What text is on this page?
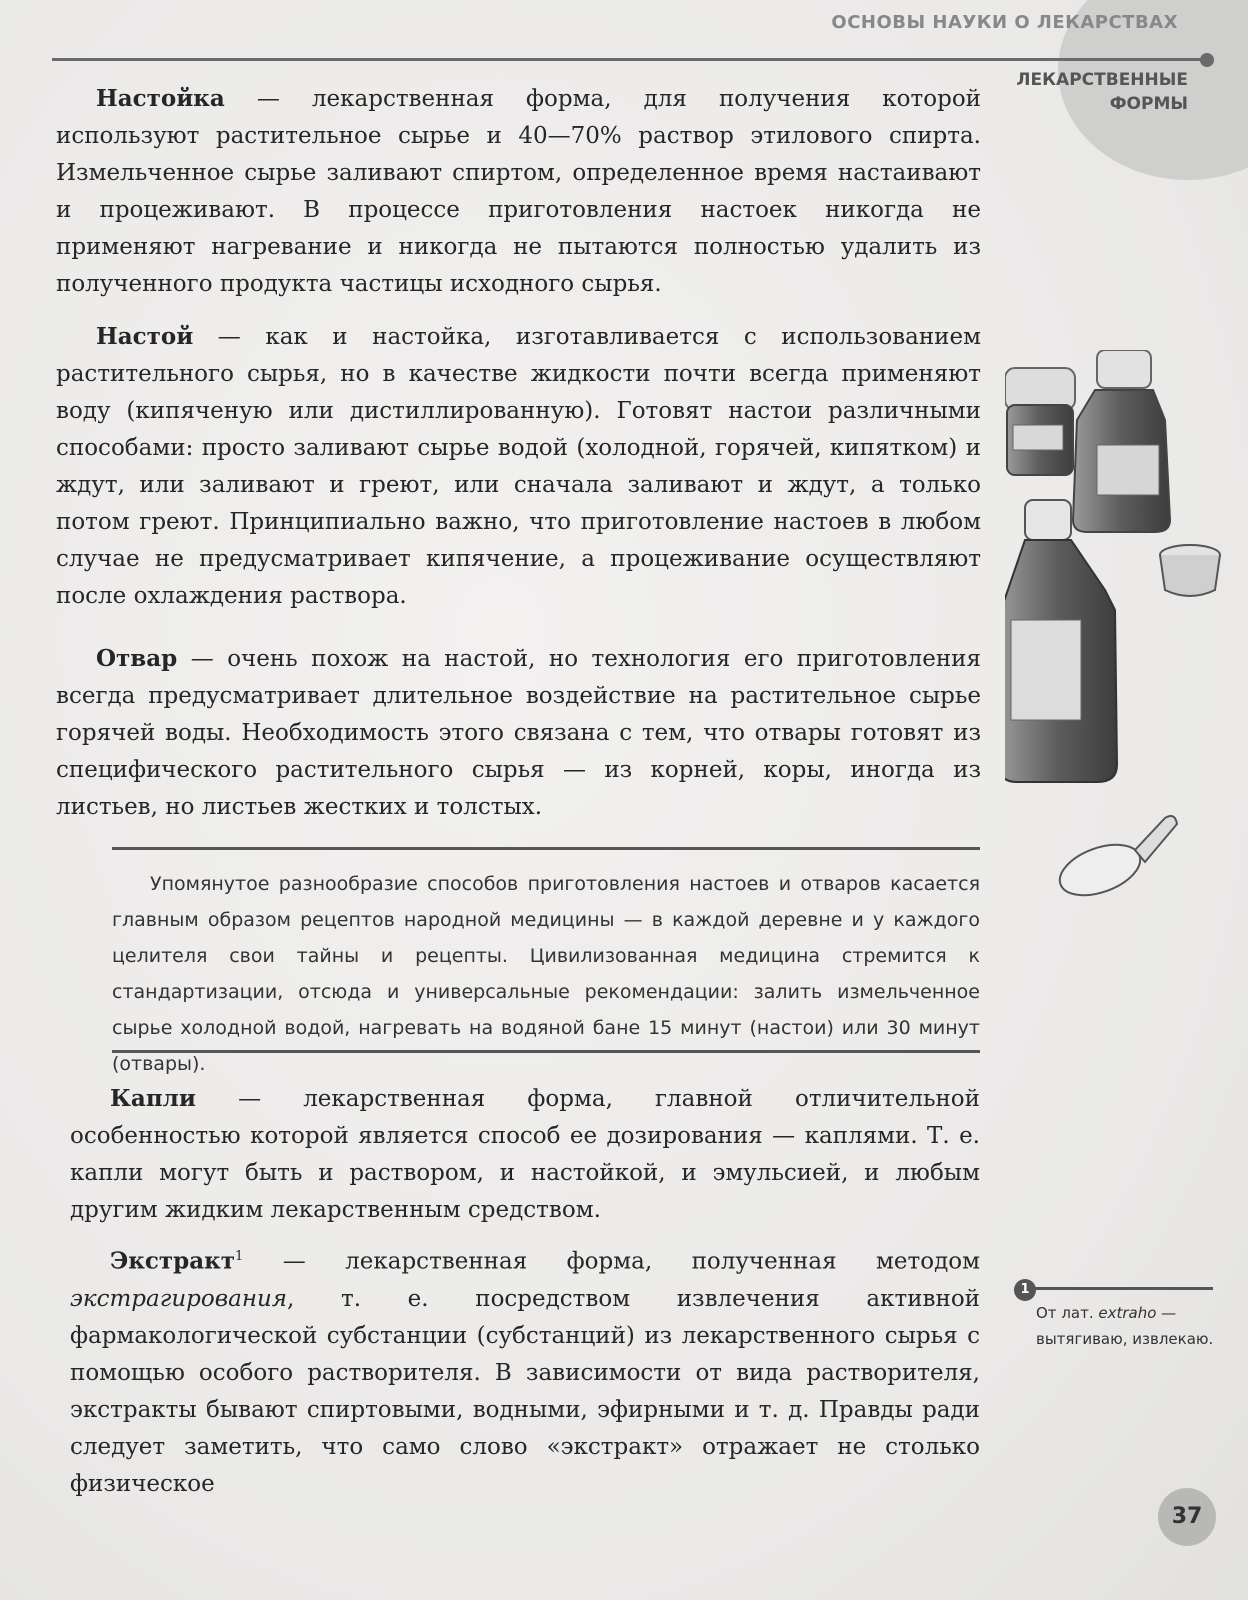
ОСНОВЫ НАУКИ О ЛЕКАРСТВАХ
ЛЕКАРСТВЕННЫЕ ФОРМЫ

Настойка — лекарственная форма, для получения которой используют растительное сырье и 40—70% раствор этилового спирта. Измельченное сырье заливают спиртом, определенное время настаивают и процеживают. В процессе приготовления настоек никогда не применяют нагревание и никогда не пытаются полностью удалить из полученного продукта частицы исходного сырья.

Настой — как и настойка, изготавливается с использованием растительного сырья, но в качестве жидкости почти всегда применяют воду (кипяченую или дистиллированную). Готовят настои различными способами: просто заливают сырье водой (холодной, горячей, кипятком) и ждут, или заливают и греют, или сначала заливают и ждут, а только потом греют. Принципиально важно, что приготовление настоев в любом случае не предусматривает кипячение, а процеживание осуществляют после охлаждения раствора.

Отвар — очень похож на настой, но технология его приготовления всегда предусматривает длительное воздействие на растительное сырье горячей воды. Необходимость этого связана с тем, что отвары готовят из специфического растительного сырья — из корней, коры, иногда из листьев, но листьев жестких и толстых.

Упомянутое разнообразие способов приготовления настоев и отваров касается главным образом рецептов народной медицины — в каждой деревне и у каждого целителя свои тайны и рецепты. Цивилизованная медицина стремится к стандартизации, отсюда и универсальные рекомендации: залить измельченное сырье холодной водой, нагревать на водяной бане 15 минут (настои) или 30 минут (отвары).

Капли — лекарственная форма, главной отличительной особенностью которой является способ ее дозирования — каплями. Т. е. капли могут быть и раствором, и настойкой, и эмульсией, и любым другим жидким лекарственным средством.

Экстракт$^1$ — лекарственная форма, полученная методом экстрагирования, т. е. посредством извлечения активной фармакологической субстанции (субстанций) из лекарственного сырья с помощью особого растворителя. В зависимости от вида растворителя, экстракты бывают спиртовыми, водными, эфирными и т. д. Правды ради следует заметить, что само слово «экстракт» отражает не столько физическое

1
От лат. extraho — вытягиваю, извлекаю.
37
